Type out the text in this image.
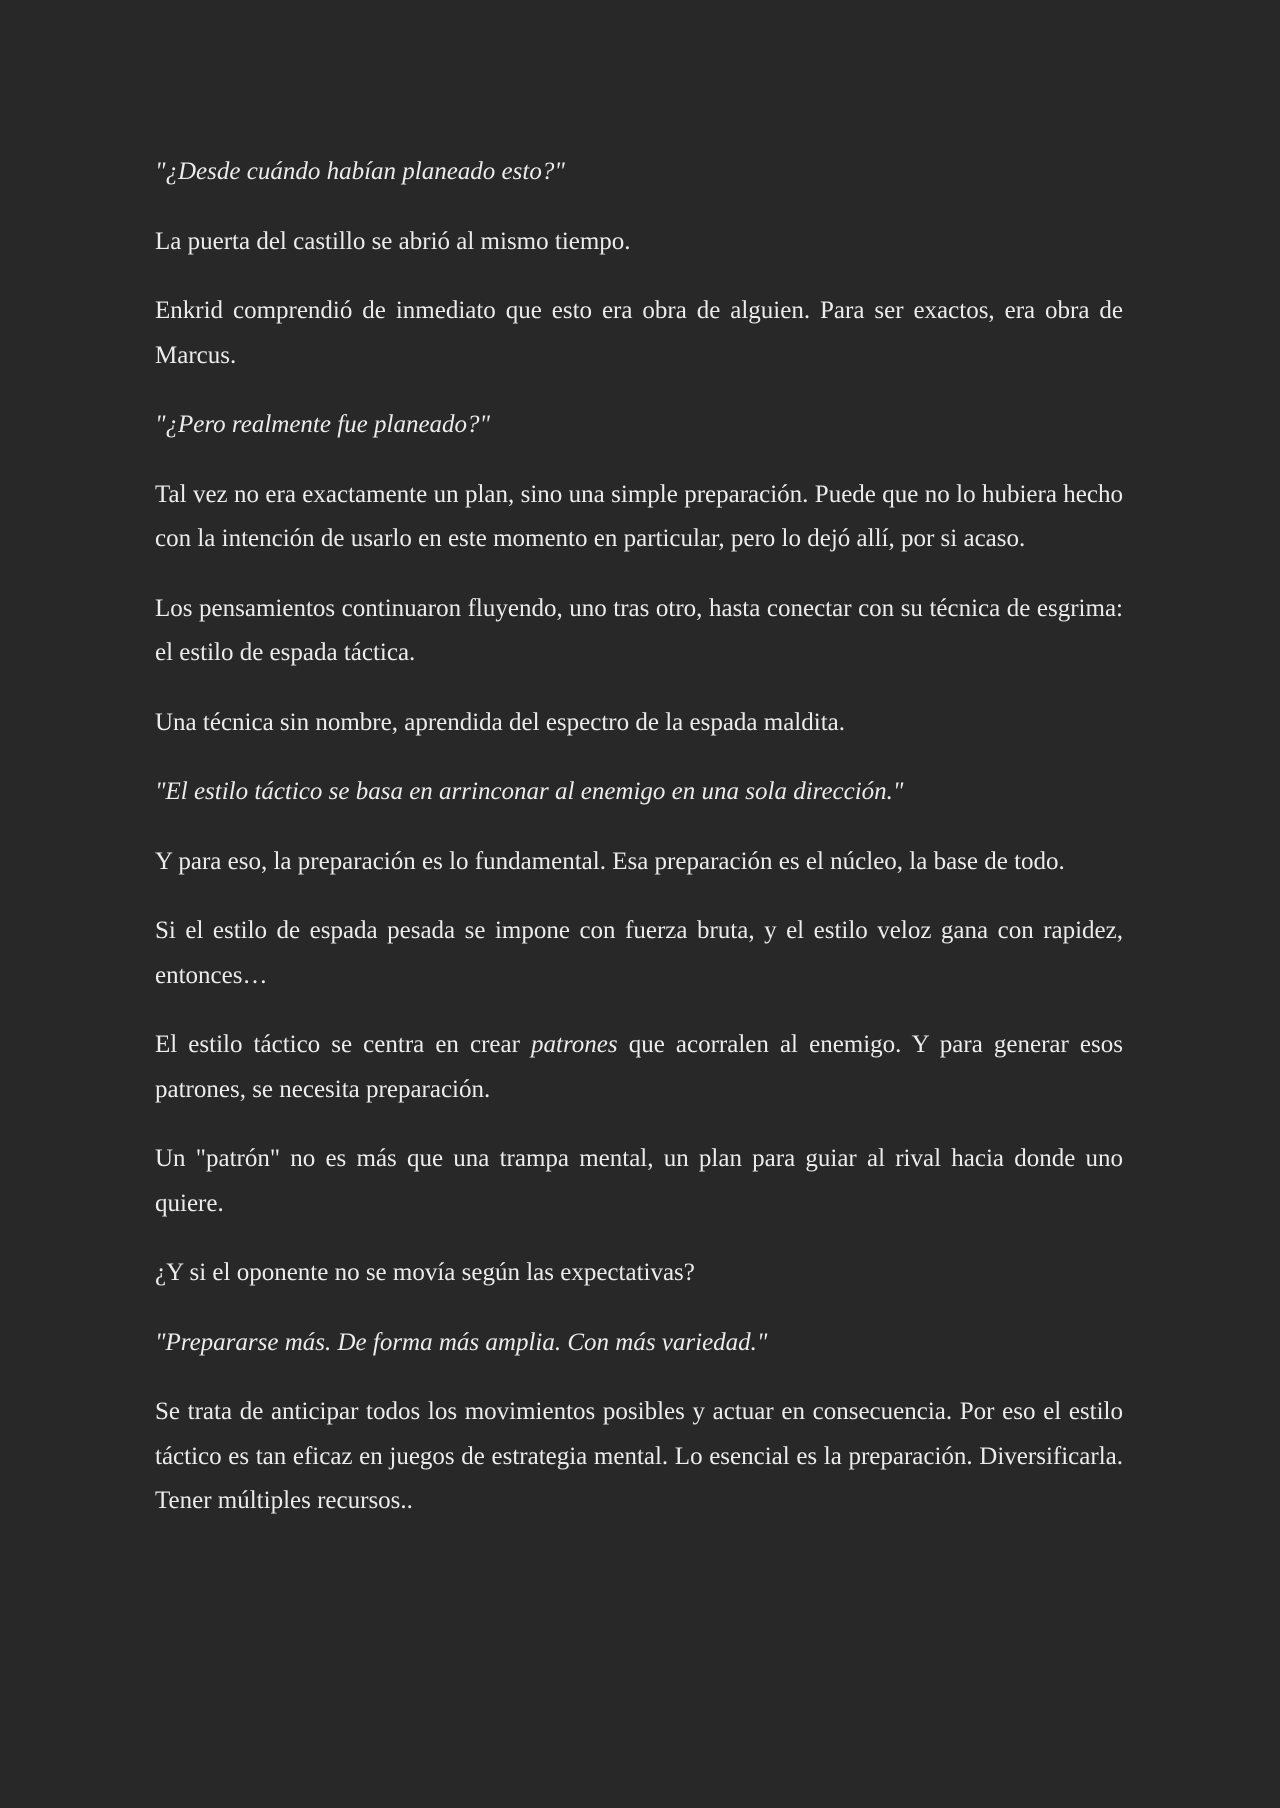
"¿Desde cuándo habían planeado esto?"

La puerta del castillo se abrió al mismo tiempo.

Enkrid comprendió de inmediato que esto era obra de alguien. Para ser exactos, era obra de Marcus.

"¿Pero realmente fue planeado?"

Tal vez no era exactamente un plan, sino una simple preparación. Puede que no lo hubiera hecho con la intención de usarlo en este momento en particular, pero lo dejó allí, por si acaso.

Los pensamientos continuaron fluyendo, uno tras otro, hasta conectar con su técnica de esgrima: el estilo de espada táctica.

Una técnica sin nombre, aprendida del espectro de la espada maldita.

"El estilo táctico se basa en arrinconar al enemigo en una sola dirección."

Y para eso, la preparación es lo fundamental. Esa preparación es el núcleo, la base de todo.

Si el estilo de espada pesada se impone con fuerza bruta, y el estilo veloz gana con rapidez, entonces…

El estilo táctico se centra en crear patrones que acorralen al enemigo. Y para generar esos patrones, se necesita preparación.

Un "patrón" no es más que una trampa mental, un plan para guiar al rival hacia donde uno quiere.

¿Y si el oponente no se movía según las expectativas?

"Prepararse más. De forma más amplia. Con más variedad."

Se trata de anticipar todos los movimientos posibles y actuar en consecuencia. Por eso el estilo táctico es tan eficaz en juegos de estrategia mental. Lo esencial es la preparación. Diversificarla. Tener múltiples recursos..
